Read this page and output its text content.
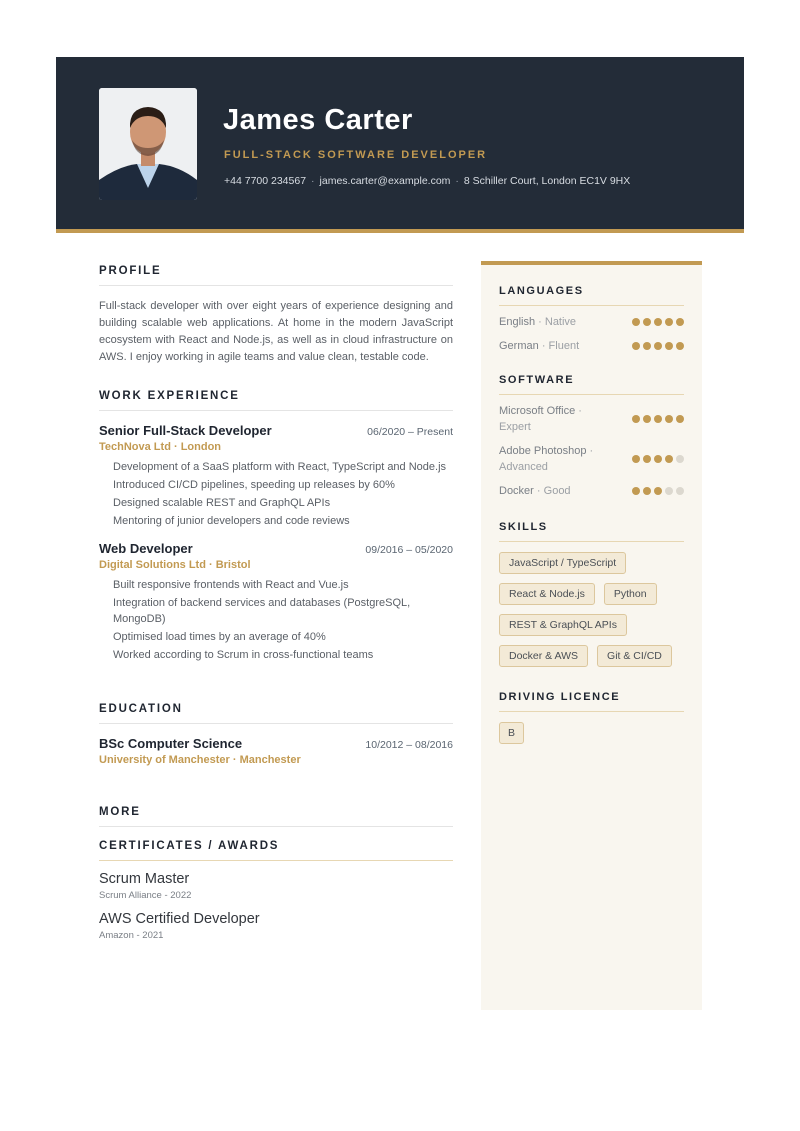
James Carter
FULL-STACK SOFTWARE DEVELOPER
+44 7700 234567 · james.carter@example.com · 8 Schiller Court, London EC1V 9HX
PROFILE

Full-stack developer with over eight years of experience designing and building scalable web applications. At home in the modern JavaScript ecosystem with React and Node.js, as well as in cloud infrastructure on AWS. I enjoy working in agile teams and value clean, testable code.

WORK EXPERIENCE
Senior Full-Stack Developer	06/2020 – Present
TechNova Ltd · London
Development of a SaaS platform with React, TypeScript and Node.js
Introduced CI/CD pipelines, speeding up releases by 60%
Designed scalable REST and GraphQL APIs
Mentoring of junior developers and code reviews
Web Developer	09/2016 – 05/2020
Digital Solutions Ltd · Bristol
Built responsive frontends with React and Vue.js
Integration of backend services and databases (PostgreSQL, MongoDB)
Optimised load times by an average of 40%
Worked according to Scrum in cross-functional teams
EDUCATION
BSc Computer Science	10/2012 – 08/2016
University of Manchester · Manchester
MORE
CERTIFICATES / AWARDS
Scrum Master
Scrum Alliance - 2022
AWS Certified Developer
Amazon - 2021
LANGUAGES
English · Native
German · Fluent
SOFTWARE
Microsoft Office · Expert
Adobe Photoshop · Advanced
Docker · Good
SKILLS
JavaScript / TypeScript
React & Node.js	Python
REST & GraphQL APIs
Docker & AWS	Git & CI/CD
DRIVING LICENCE
B
